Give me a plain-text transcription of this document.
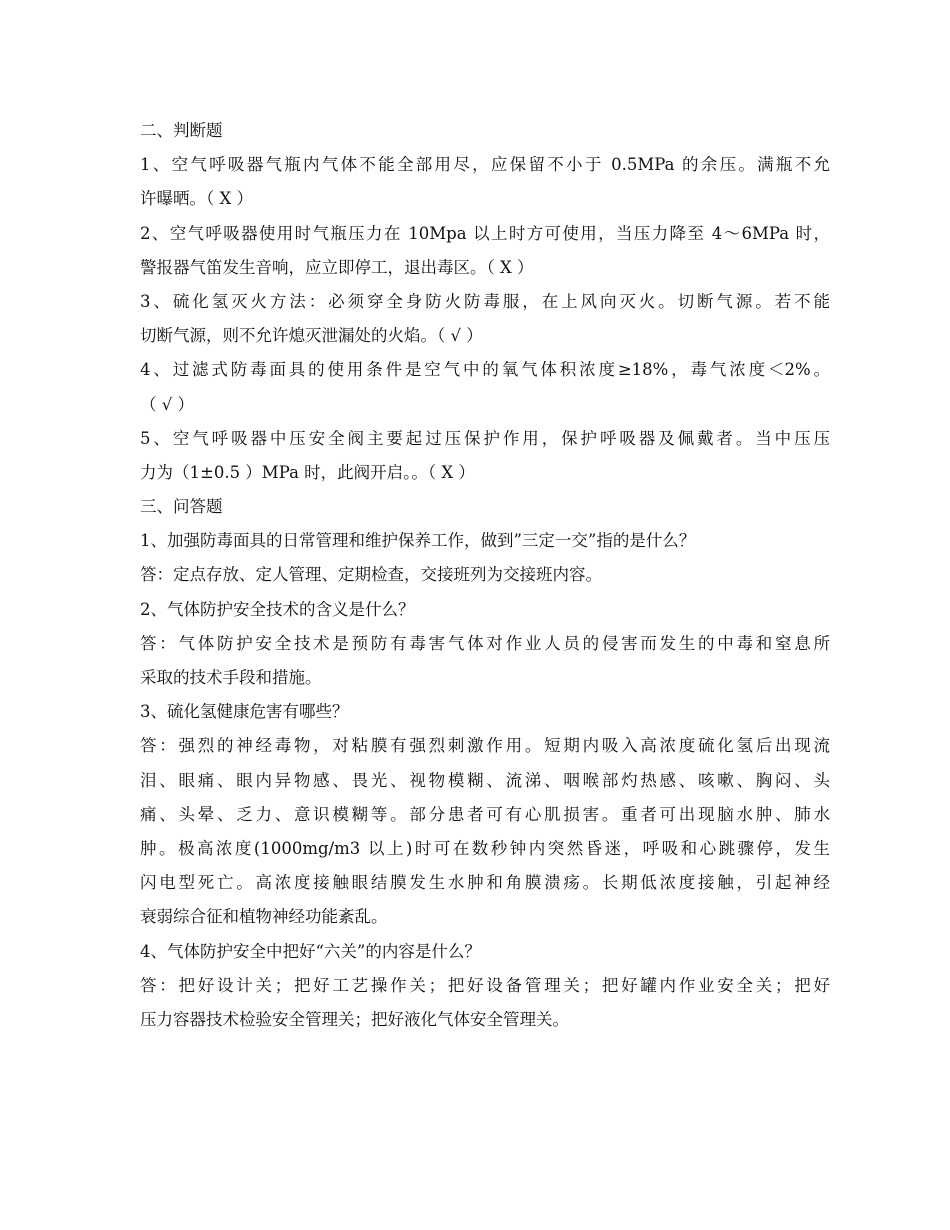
二、判断题
1、空气呼吸器气瓶内气体不能全部用尽，应保留不小于 0.5MPa 的余压。满瓶不允
许曝晒。（ X ）
2、空气呼吸器使用时气瓶压力在 10Mpa 以上时方可使用，当压力降至 4～6MPa 时，
警报器气笛发生音响，应立即停工，退出毒区。（ X ）
3、硫化氢灭火方法：必须穿全身防火防毒服，在上风向灭火。切断气源。若不能
切断气源，则不允许熄灭泄漏处的火焰。（ √ ）
4、过滤式防毒面具的使用条件是空气中的氧气体积浓度≥18%，毒气浓度＜2%。
（ √ ）
5、空气呼吸器中压安全阀主要起过压保护作用，保护呼吸器及佩戴者。当中压压
力为（1±0.5 ）MPa 时，此阀开启。。（ X ）
三、问答题
1、加强防毒面具的日常管理和维护保养工作，做到”三定一交”指的是什么？
答：定点存放、定人管理、定期检查，交接班列为交接班内容。
2、气体防护安全技术的含义是什么？
答：气体防护安全技术是预防有毒害气体对作业人员的侵害而发生的中毒和窒息所
采取的技术手段和措施。
3、硫化氢健康危害有哪些？
答：强烈的神经毒物，对粘膜有强烈刺激作用。短期内吸入高浓度硫化氢后出现流
泪、眼痛、眼内异物感、畏光、视物模糊、流涕、咽喉部灼热感、咳嗽、胸闷、头
痛、头晕、乏力、意识模糊等。部分患者可有心肌损害。重者可出现脑水肿、肺水
肿。极高浓度(1000mg/m3 以上)时可在数秒钟内突然昏迷，呼吸和心跳骤停，发生
闪电型死亡。高浓度接触眼结膜发生水肿和角膜溃疡。长期低浓度接触，引起神经
衰弱综合征和植物神经功能紊乱。
4、气体防护安全中把好“六关”的内容是什么？
答：把好设计关；把好工艺操作关；把好设备管理关；把好罐内作业安全关；把好
压力容器技术检验安全管理关；把好液化气体安全管理关。
